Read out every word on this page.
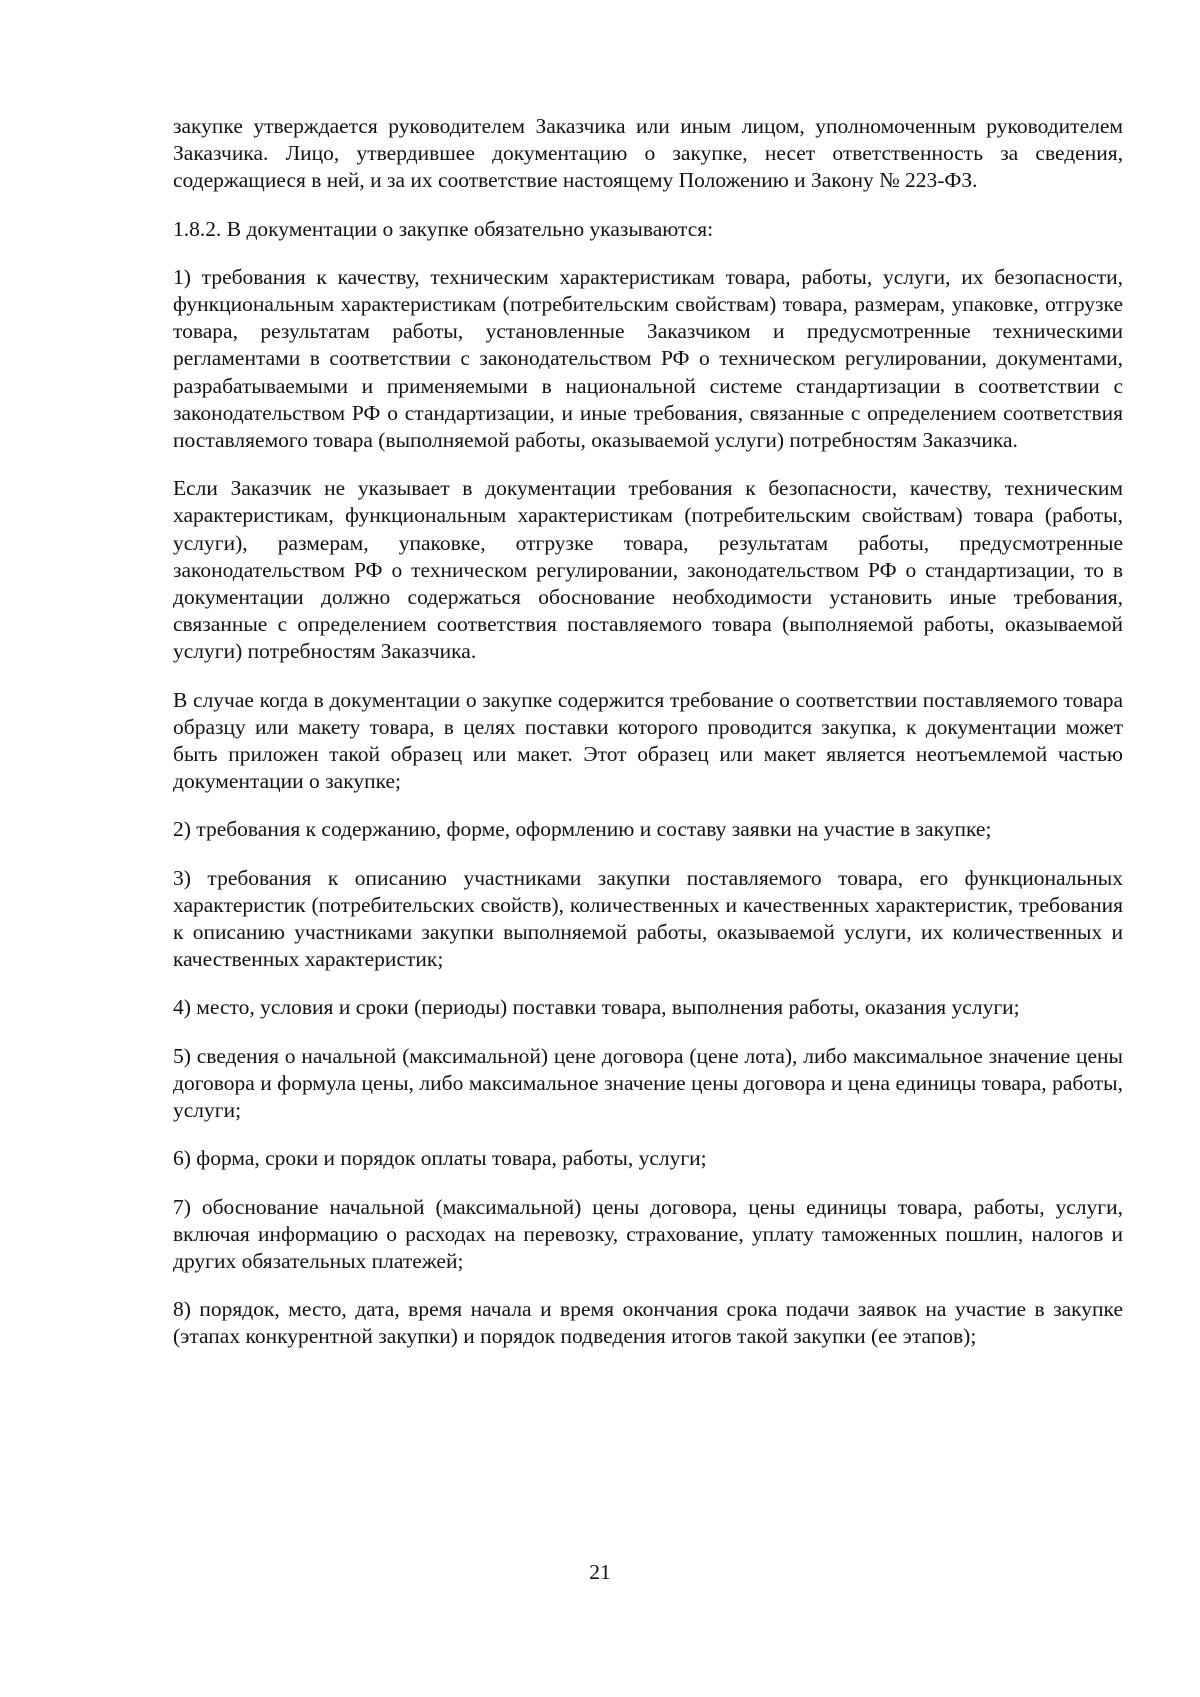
закупке утверждается руководителем Заказчика или иным лицом, уполномоченным руководителем Заказчика. Лицо, утвердившее документацию о закупке, несет ответственность за сведения, содержащиеся в ней, и за их соответствие настоящему Положению и Закону № 223-ФЗ.

1.8.2. В документации о закупке обязательно указываются:

1) требования к качеству, техническим характеристикам товара, работы, услуги, их безопасности, функциональным характеристикам (потребительским свойствам) товара, размерам, упаковке, отгрузке товара, результатам работы, установленные Заказчиком и предусмотренные техническими регламентами в соответствии с законодательством РФ о техническом регулировании, документами, разрабатываемыми и применяемыми в национальной системе стандартизации в соответствии с законодательством РФ о стандартизации, и иные требования, связанные с определением соответствия поставляемого товара (выполняемой работы, оказываемой услуги) потребностям Заказчика.

Если Заказчик не указывает в документации требования к безопасности, качеству, техническим характеристикам, функциональным характеристикам (потребительским свойствам) товара (работы, услуги), размерам, упаковке, отгрузке товара, результатам работы, предусмотренные законодательством РФ о техническом регулировании, законодательством РФ о стандартизации, то в документации должно содержаться обоснование необходимости установить иные требования, связанные с определением соответствия поставляемого товара (выполняемой работы, оказываемой услуги) потребностям Заказчика.

В случае когда в документации о закупке содержится требование о соответствии поставляемого товара образцу или макету товара, в целях поставки которого проводится закупка, к документации может быть приложен такой образец или макет. Этот образец или макет является неотъемлемой частью документации о закупке;

2) требования к содержанию, форме, оформлению и составу заявки на участие в закупке;

3) требования к описанию участниками закупки поставляемого товара, его функциональных характеристик (потребительских свойств), количественных и качественных характеристик, требования к описанию участниками закупки выполняемой работы, оказываемой услуги, их количественных и качественных характеристик;

4) место, условия и сроки (периоды) поставки товара, выполнения работы, оказания услуги;

5) сведения о начальной (максимальной) цене договора (цене лота), либо максимальное значение цены договора и формула цены, либо максимальное значение цены договора и цена единицы товара, работы, услуги;

6) форма, сроки и порядок оплаты товара, работы, услуги;

7) обоснование начальной (максимальной) цены договора, цены единицы товара, работы, услуги, включая информацию о расходах на перевозку, страхование, уплату таможенных пошлин, налогов и других обязательных платежей;

8) порядок, место, дата, время начала и время окончания срока подачи заявок на участие в закупке (этапах конкурентной закупки) и порядок подведения итогов такой закупки (ее этапов);

21
